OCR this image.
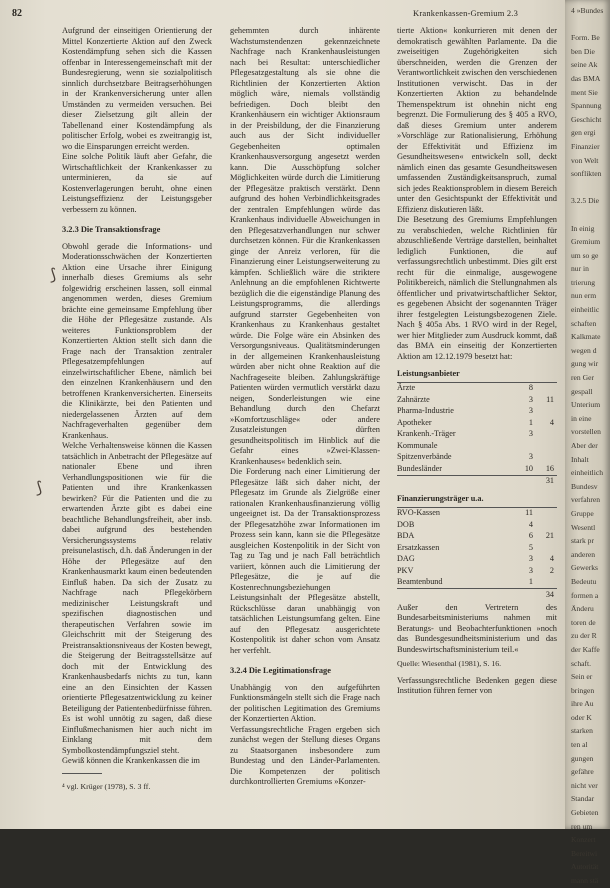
82	Krankenkassen-Gremium 2.3

Aufgrund der einseitigen Orientierung der Mittel Konzertierte Aktion auf den Zweck Kostendämpfung sehen sich die Kassen offenbar in Interessengemeinschaft mit der Bundesregierung, wenn sie sozialpolitisch sinnlich durchsetzbare Beitragserhöhungen in der Krankenversicherung unter allen Umständen zu vermeiden versuchen. Bei dieser Zielsetzung gilt allein der Tabellenand einer Kostendämpfung als politischer Erfolg, wobei es zweitrangig ist, wo die Einsparungen erreicht werden.

Eine solche Politik läuft aber Gefahr, die Wirtschaftlichkeit der Krankenkasser zu unterminieren, da sie auf Kostenverlagerungen beruht, ohne einen Leistungseffizienz der Leistungsgeber verbessern zu können.

3.2.3 Die Transaktionsfrage

Obwohl gerade die Informations- und Moderationsschwächen der Konzertierten Aktion eine Ursache ihrer Einigung innerhalb dieses Gremiums als sehr folgewidrig erscheinen lassen, soll einmal angenommen werden, dieses Gremium brächte eine gemeinsame Empfehlung über die Höhe der Pflegesätze zustande. Als weiteres Funktionsproblem der Konzertierten Aktion stellt sich dann die Frage nach der Transaktion zentraler Pflegesatzempfehlungen auf einzelwirtschaftlicher Ebene, nämlich bei den einzelnen Krankenhäusern und den betroffenen Krankenversicherten. Einerseits die Klinikärzte, bei den Patienten und niedergelassenen Ärzten auf dem Nachfrageverhalten gegenüber dem Krankenhaus.

Welche Verhaltensweise können die Kassen tatsächlich in Anbetracht der Pflegesätze auf nationaler Ebene und ihren Verhandlungspositionen wie für die Patienten und ihre Krankenkassen bewirken? Für die Patienten und die zu erwartenden Ärzte gibt es dabei eine beachtliche Behandlungsfreiheit, aber insb. dabei aufgrund des bestehenden Versicherungssystems relativ preisunelastisch, d.h. daß Änderungen in der Höhe der Pflegesätze auf den Krankenhausmarkt kaum einen bedeutenden Einfluß haben. Da sich der Zusatz zu Nachfrage nach Pflegekörbern medizinischer Leistungskraft und spezifischen diagnostischen und therapeutischen Verfahren sowie im Gleichschritt mit der Steigerung des Preistransaktionsniveaus der Kosten bewegt, die Steigerung der Beitragsstellsätze auf doch mit der Entwicklung des Krankenhausbedarfs nichts zu tun, kann eine an den Einsichten der Kassen orientierte Pflegesatzentwicklung zu keiner Beteiligung der Patientenbedürfnisse führen. Es ist wohl unnötig zu sagen, daß diese Einflußmechanismen hier auch nicht im Einklang mit dem Symbolkostendämpfungsziel steht.

Gewiß können die Krankenkassen die im

⁴ vgl. Krüger (1978), S. 3 ff.

gehemmten durch inhärente Wachstumstendenzen gekennzeichnete Nachfrage nach Krankenhausleistungen nach bei Resultat: unterschiedlicher Pflegesatzgestaltung als sie ohne die Richtlinien der Konzertierten Aktion möglich wäre, niemals vollständig befriedigen. Doch bleibt den Krankenhäusern ein wichtiger Aktionsraum in der Preisbildung, der die Finanzierung auch aus der Sicht individueller Gegebenheiten optimalen Krankenhausversorgung angesetzt werden kann. Die Ausschöpfung solcher Möglichkeiten würde durch die Limitierung der Pflegesätze praktisch verstärkt. Denn aufgrund des hohen Verbindlichkeitsgrades der zentralen Empfehlungen würde das Krankenhaus individuelle Abweichungen in den Pflegesatzverhandlungen nur schwer durchsetzen können. Für die Krankenkassen ginge der Anreiz verloren, für die Finanzierung einer Leistungserweiterung zu kämpfen. Schließlich wäre die striktere Anlehnung an die empfohlenen Richtwerte bezüglich die die eigenständige Planung des Leistungsprogramms, die allerdings aufgrund starrster Gegebenheiten von Krankenhaus zu Krankenhaus gestaltet würde. Die Folge wäre ein Absinken des Versorgungsniveaus. Qualitätsminderungen in der allgemeinen Krankenhausleistung würden aber nicht ohne Reaktion auf die Nachfrageseite bleiben. Zahlungskräftige Patienten würden vermutlich verstärkt dazu neigen, Sonderleistungen wie eine Behandlung durch den Chefarzt »Komfortzuschläge« oder andere Zusatzleistungen dürften gesundheitspolitisch im Hinblick auf die Gefahr eines »Zwei-Klassen-Krankenhauses« bedenklich sein.

Die Forderung nach einer Limitierung der Pflegesätze läßt sich daher nicht, der Pflegesatz im Grunde als Zielgröße einer rationalen Krankenhausfinanzierung völlig ungeeignet ist. Da der Transaktionsprozess der Pflegesatzhöhe zwar Informationen im Prozess sein kann, kann sie die Pflegesätze ausgleichen Kostenpolitik in der Sicht von Tag zu Tag und je nach Fall beträchtlich variiert, können auch die Limitierung der Pflegesätze, die je auf die Kostenrechnungsbeziehungen Leistungsinhalt der Pflegesätze abstellt, Rückschlüsse daran unabhängig von tatsächlichen Leistungsumfang gelten. Eine auf den Pflegesatz ausgerichtete Kostenpolitik ist daher schon vom Ansatz her verfehlt.

3.2.4 Die Legitimationsfrage

Unabhängig von den aufgeführten Funktionsmängeln stellt sich die Frage nach der politischen Legitimation des Gremiums der Konzertierten Aktion.

Verfassungsrechtliche Fragen ergeben sich zunächst wegen der Stellung dieses Organs zu Staatsorganen insbesondere zum Bundestag und den Länder-Parlamenten. Die Kompetenzen der politisch durchkontrollierten Gremiums »Konzer-

tierte Aktion« konkurrieren mit denen der demokratisch gewählten Parlamente. Da die zweiseitigen Zugehörigkeiten sich überschneiden, werden die Grenzen der Verantwortlichkeit zwischen den verschiedenen Institutionen verwischt. Das in der Konzertierten Aktion zu behandelnde Themenspektrum ist ohnehin nicht eng begrenzt. Die Formulierung des § 405 a RVO, daß dieses Gremium unter anderem »Vorschläge zur Rationalisierung, Erhöhung der Effektivität und Effizienz im Gesundheitswesen« entwickeln soll, deckt nämlich einen das gesamte Gesundheitswesen umfassenden Zuständigkeitsanspruch, zumal sich jedes Reaktionsproblem in diesem Bereich unter den Gesichtspunkt der Effektivität und Effizienz diskutieren läßt.

Die Besetzung des Gremiums Empfehlungen zu verabschieden, welche Richtlinien für abzuschließende Verträge darstellen, beinhaltet lediglich Funktionen, die auf verfassungsrechtlich unbestimmt. Dies gilt erst recht für die einmalige, ausgewogene Politikbereich, nämlich die Stellungnahmen als öffentlicher und privatwirtschaftlicher Sektor, es gegebenen Absicht der sogenannten Träger ihrer festgelegten Leistungsbezogenen Ziele. Nach § 405a Abs. 1 RVO wird in der Regel, wer hier Mitglieder zum Ausdruck kommt, daß das BMA ein einseitig der Konzertierten Aktion am 12.12.1979 besetzt hat:

Leistungsanbieter		
Ärzte	8	
Zahnärzte	3	11
Pharma-Industrie	3	
Apotheker	1	4
Krankenh.-Träger	3	
Kommunale		
Spitzenverbände	3	
Bundesländer	10	16
		31
Finanzierungsträger u.a.		
RVO-Kassen	11	
DOB	4	
BDA	6	21
Ersatzkassen	5	
DAG	3	4
PKV	3	2
Beamtenbund	1	
		34

Außer den Vertretern des Bundesarbeitsministeriums nahmen mit Beratungs- und Beobachterfunktionen »noch das Bundesgesundheitsministerium und das Bundeswirtschaftsministerium teil.«

Quelle: Wiesenthal (1981), S. 16.

Verfassungsrechtliche Bedenken gegen diese Institution führen ferner von

⟆
⟆
4 »Bundes
Form. Be
ben Die
seine Ak
das BMA
ment Sie
Spannung
Geschicht
gen ergi
Finanzier
von Welt
sonflikten
3.2.5 Die
In einig
Gremium
um so ge
nur in
trierung
nun erm
einheitlic
schaften
Kalkmate
wegen d
gung wir
ren Ger
gespall
Unterium
in eine
vorstellen
Aber der
Inhalt
einheitlich
Bundesv
verfahren
Gruppe
Wesentl
stark pr
anderen
Gewerks
Bedeutu
formen a
Änderu
toren de
zu der R
der Kaffe
schaft.
Sein er
bringen
ihre Au
oder K
starken
ten al
gungen
gefähre
nicht ver
Standar
Gebieten
ren um
Konzert
Bereitwi
Autorität
mann stä
